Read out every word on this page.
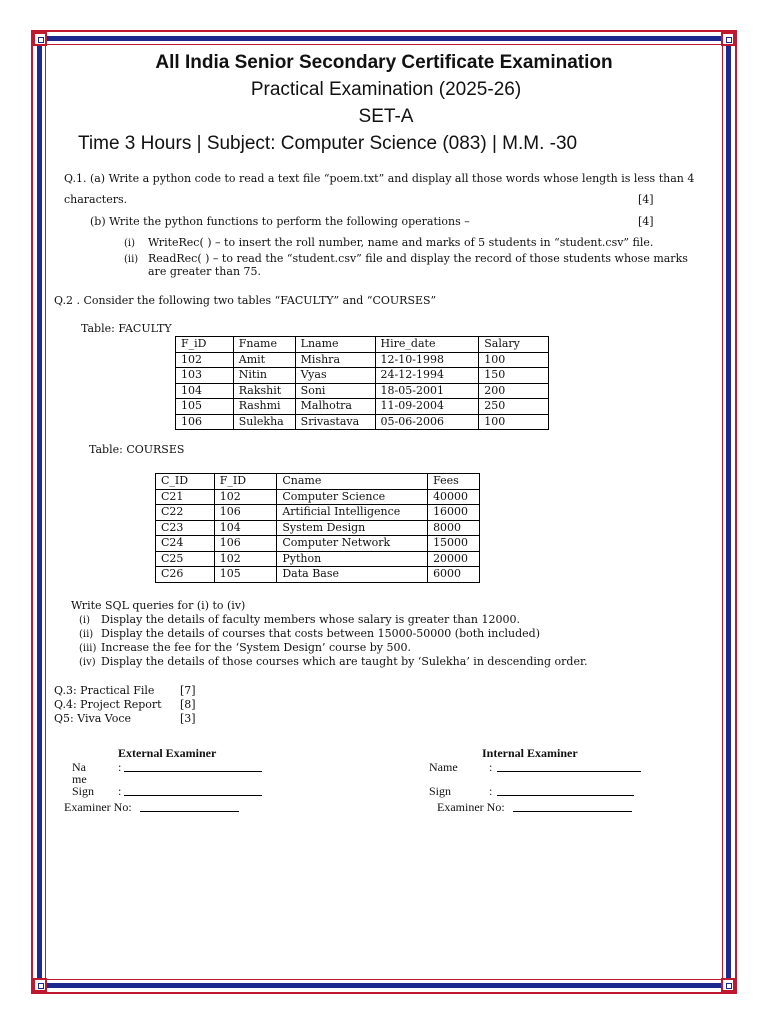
All India Senior Secondary Certificate Examination
Practical Examination (2025-26)
SET-A
Time 3 Hours | Subject: Computer Science (083) | M.M. -30
Q.1. (a) Write a python code to read a text file “poem.txt” and display all those words whose length is less than 4
characters.	[4]
(b) Write the python functions to perform the following operations –	[4]
(i) WriteRec( ) – to insert the roll number, name and marks of 5 students in “student.csv” file.
(ii) ReadRec( ) – to read the “student.csv” file and display the record of those students whose marks
are greater than 75.
Q.2 . Consider the following two tables “FACULTY” and “COURSES”
Table: FACULTY
F_iD	Fname	Lname	Hire_date	Salary
102	Amit	Mishra	12-10-1998	100
103	Nitin	Vyas	24-12-1994	150
104	Rakshit	Soni	18-05-2001	200
105	Rashmi	Malhotra	11-09-2004	250
106	Sulekha	Srivastava	05-06-2006	100
Table: COURSES
C_ID	F_ID	Cname	Fees
C21	102	Computer Science	40000
C22	106	Artificial Intelligence	16000
C23	104	System Design	8000
C24	106	Computer Network	15000
C25	102	Python	20000
C26	105	Data Base	6000
Write SQL queries for (i) to (iv)
(i) Display the details of faculty members whose salary is greater than 12000.
(ii) Display the details of courses that costs between 15000-50000 (both included)
(iii) Increase the fee for the ‘System Design’ course by 500.
(iv) Display the details of those courses which are taught by ‘Sulekha’ in descending order.
Q.3: Practical File [7]
Q.4: Project Report [8]
Q5: Viva Voce	[3]
External Examiner
Na
me
:
Sign :
Examiner No:
Internal Examiner
Name	:
Sign	:
Examiner No:
